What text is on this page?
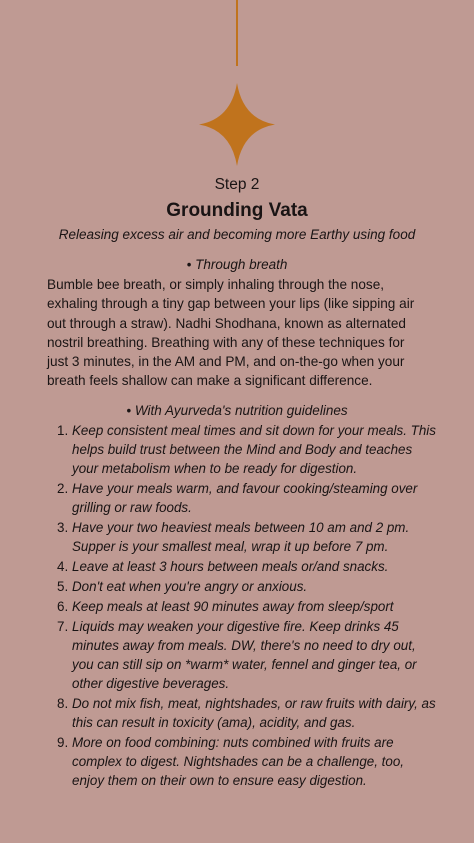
Step 2
Grounding Vata
Releasing excess air and becoming more Earthy using food
• Through breath

Bumble bee breath, or simply inhaling through the nose, exhaling through a tiny gap between your lips (like sipping air out through a straw). Nadhi Shodhana, known as alternated nostril breathing. Breathing with any of these techniques for just 3 minutes, in the AM and PM, and on-the-go when your breath feels shallow can make a significant difference.

• With Ayurveda's nutrition guidelines
1. Keep consistent meal times and sit down for your meals. This helps build trust between the Mind and Body and teaches your metabolism when to be ready for digestion.
2. Have your meals warm, and favour cooking/steaming over grilling or raw foods.
3. Have your two heaviest meals between 10 am and 2 pm. Supper is your smallest meal, wrap it up before 7 pm.
4. Leave at least 3 hours between meals or/and snacks.
5. Don't eat when you're angry or anxious.
6. Keep meals at least 90 minutes away from sleep/sport
7. Liquids may weaken your digestive fire. Keep drinks 45 minutes away from meals. DW, there's no need to dry out, you can still sip on *warm* water, fennel and ginger tea, or other digestive beverages.
8. Do not mix fish, meat, nightshades, or raw fruits with dairy, as this can result in toxicity (ama), acidity, and gas.
9. More on food combining: nuts combined with fruits are complex to digest. Nightshades can be a challenge, too, enjoy them on their own to ensure easy digestion.
